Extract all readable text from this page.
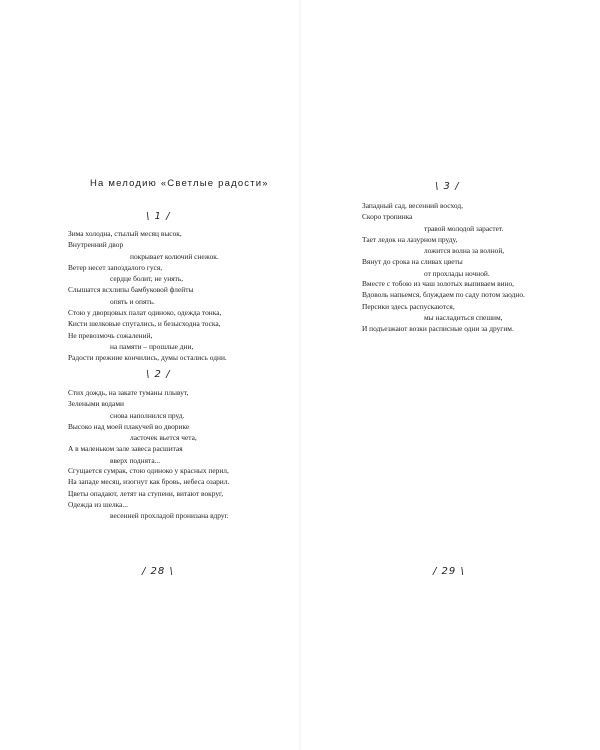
На мелодию «Светлые радости»
\ 1 /
Зима холодна, стылый месяц высок,
Внутренний двор
покрывает колючий снежок.
Ветер несет запоздалого гуся,
сердце болит, не унять,
Слышатся всхлипы бамбуковой флейты
опять и опять.
Стою у дворцовых палат одиноко, одежда тонка,
Кисти шелковые спутались, и безысходна тоска,
Не превозмочь сожалений,
на памяти – прошлые дни,
Радости прежние кончились, думы остались одни.
\ 2 /
Стих дождь, на закате туманы плывут,
Зелеными водами
снова наполнился пруд.
Высоко над моей плакучей во дворике
ласточек вьется чета,
А в маленьком зале завеса расшитая
вверх поднята...
Сгущается сумрак, стою одиноко у красных перил,
На западе месяц, изогнут как бровь, небеса озарил.
Цветы опадают, летят на ступени, витают вокруг,
Одежда из шелка...
весенней прохладой пронизана вдруг.
/ 28 \
\ 3 /
Западный сад, весенний восход,
Скоро тропинка
травой молодой зарастет.
Тает ледок на лазурном пруду,
ложится волна за волной,
Вянут до срока на сливах цветы
от прохлады ночной.
Вместе с тобою из чаш золотых выпиваем вино,
Вдоволь напьемся, блуждаем по саду потом заодно.
Персики здесь распускаются,
мы насладиться спешим,
И подъезжают возки расписные одни за другим.
/ 29 \
